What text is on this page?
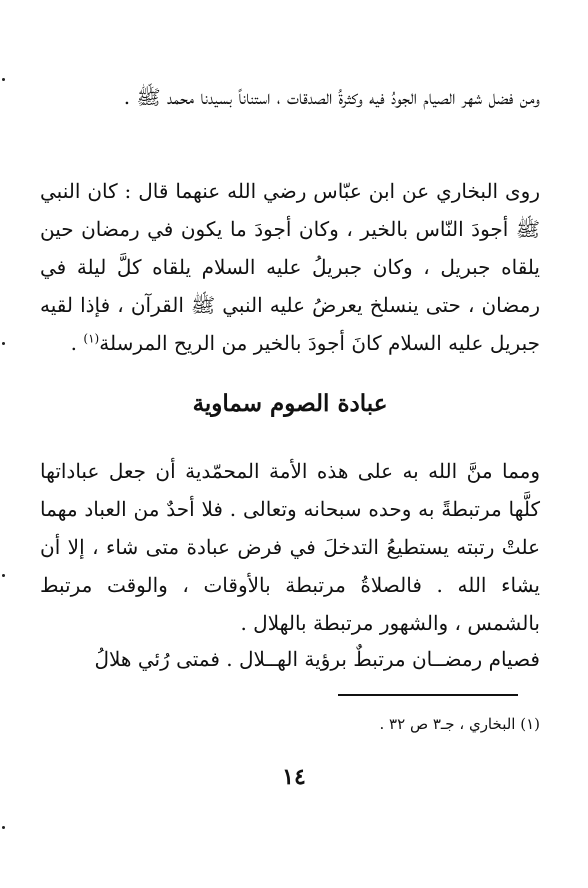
ومن فضل شهر الصيام الجودُ فيه وكثرةُ الصدقات ، استناناً بسيدنا محمد ﷺ .

روى البخاري عن ابن عبّاس رضي الله عنهما قال : كان النبي ﷺ أجودَ النّاس بالخير ، وكان أجودَ ما يكون في رمضان حين يلقاه جبريل ، وكان جبريلُ عليه السلام يلقاه كلَّ ليلة في رمضان ، حتى ينسلخ يعرضُ عليه النبي ﷺ القرآن ، فإذا لقيه جبريل عليه السلام كانَ أجودَ بالخير من الريح المرسلة$^{(١)}$ .

عبادة الصوم سماوية

ومما منَّ الله به على هذه الأمة المحمّدية أن جعل عباداتها كلَّها مرتبطةً به وحده سبحانه وتعالى . فلا أحدٌ من العباد مهما علتْ رتبته يستطيعُ التدخلَ في فرض عبادة متى شاء ، إلا أن يشاء الله . فالصلاةُ مرتبطة بالأوقات ، والوقت مرتبط بالشمس ، والشهور مرتبطة بالهلال .

فصيام رمضــان مرتبطٌ برؤية الهــلال . فمتى رُئي هلالُ

(١) البخاري ، جـ٣ ص ٣٢ .
١٤
